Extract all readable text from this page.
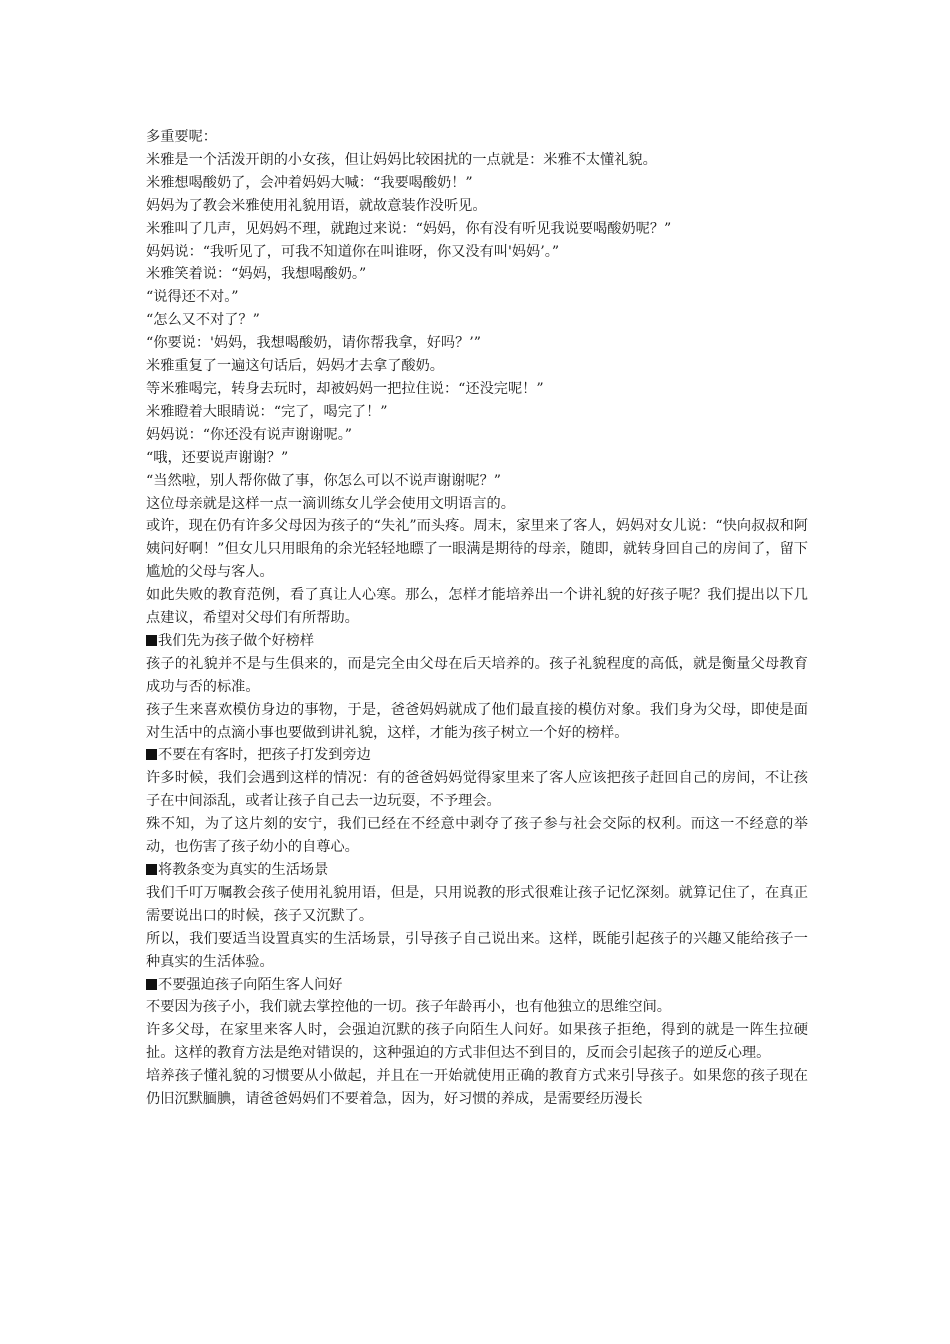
多重要呢：

米雅是一个活泼开朗的小女孩，但让妈妈比较困扰的一点就是：米雅不太懂礼貌。

米雅想喝酸奶了，会冲着妈妈大喊：“我要喝酸奶！”

妈妈为了教会米雅使用礼貌用语，就故意装作没听见。

米雅叫了几声，见妈妈不理，就跑过来说：“妈妈，你有没有听见我说要喝酸奶呢？”

妈妈说：“我听见了，可我不知道你在叫谁呀，你又没有叫'妈妈’。”

米雅笑着说：“妈妈，我想喝酸奶。”

“说得还不对。”

“怎么又不对了？”

“你要说：'妈妈，我想喝酸奶，请你帮我拿，好吗？’”

米雅重复了一遍这句话后，妈妈才去拿了酸奶。

等米雅喝完，转身去玩时，却被妈妈一把拉住说：“还没完呢！”

米雅瞪着大眼睛说：“完了，喝完了！”

妈妈说：“你还没有说声谢谢呢。”

“哦，还要说声谢谢？”

“当然啦，别人帮你做了事，你怎么可以不说声谢谢呢？”

这位母亲就是这样一点一滴训练女儿学会使用文明语言的。

或许，现在仍有许多父母因为孩子的“失礼”而头疼。周末，家里来了客人，妈妈对女儿说：“快向叔叔和阿姨问好啊！”但女儿只用眼角的余光轻轻地瞟了一眼满是期待的母亲，随即，就转身回自己的房间了，留下尴尬的父母与客人。

如此失败的教育范例，看了真让人心寒。那么，怎样才能培养出一个讲礼貌的好孩子呢？我们提出以下几点建议，希望对父母们有所帮助。

我们先为孩子做个好榜样

孩子的礼貌并不是与生俱来的，而是完全由父母在后天培养的。孩子礼貌程度的高低，就是衡量父母教育成功与否的标准。

孩子生来喜欢模仿身边的事物，于是，爸爸妈妈就成了他们最直接的模仿对象。我们身为父母，即使是面对生活中的点滴小事也要做到讲礼貌，这样，才能为孩子树立一个好的榜样。

不要在有客时，把孩子打发到旁边

许多时候，我们会遇到这样的情况：有的爸爸妈妈觉得家里来了客人应该把孩子赶回自己的房间，不让孩子在中间添乱，或者让孩子自己去一边玩耍，不予理会。

殊不知，为了这片刻的安宁，我们已经在不经意中剥夺了孩子参与社会交际的权利。而这一不经意的举动，也伤害了孩子幼小的自尊心。

将教条变为真实的生活场景

我们千叮万嘱教会孩子使用礼貌用语，但是，只用说教的形式很难让孩子记忆深刻。就算记住了，在真正需要说出口的时候，孩子又沉默了。

所以，我们要适当设置真实的生活场景，引导孩子自己说出来。这样，既能引起孩子的兴趣又能给孩子一种真实的生活体验。

不要强迫孩子向陌生客人问好

不要因为孩子小，我们就去掌控他的一切。孩子年龄再小，也有他独立的思维空间。

许多父母，在家里来客人时，会强迫沉默的孩子向陌生人问好。如果孩子拒绝，得到的就是一阵生拉硬扯。这样的教育方法是绝对错误的，这种强迫的方式非但达不到目的，反而会引起孩子的逆反心理。

培养孩子懂礼貌的习惯要从小做起，并且在一开始就使用正确的教育方式来引导孩子。如果您的孩子现在仍旧沉默腼腆，请爸爸妈妈们不要着急，因为，好习惯的养成，是需要经历漫长
